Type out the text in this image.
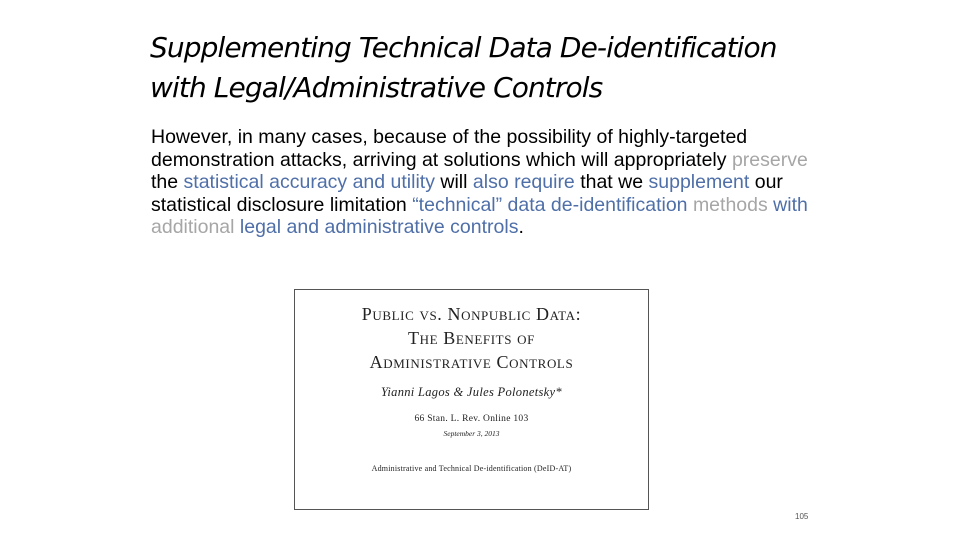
Supplementing Technical Data De-identification
with Legal/Administrative Controls
However, in many cases, because of the possibility of highly-targeted demonstration attacks, arriving at solutions which will appropriately preserve the statistical accuracy and utility will also require that we supplement our statistical disclosure limitation “technical” data de-identification methods with additional legal and administrative controls.
Public vs. Nonpublic Data:
The Benefits of
Administrative Controls
Yianni Lagos & Jules Polonetsky*
66 Stan. L. Rev. Online 103
September 3, 2013
Administrative and Technical De-identification (DeID-AT)
105
